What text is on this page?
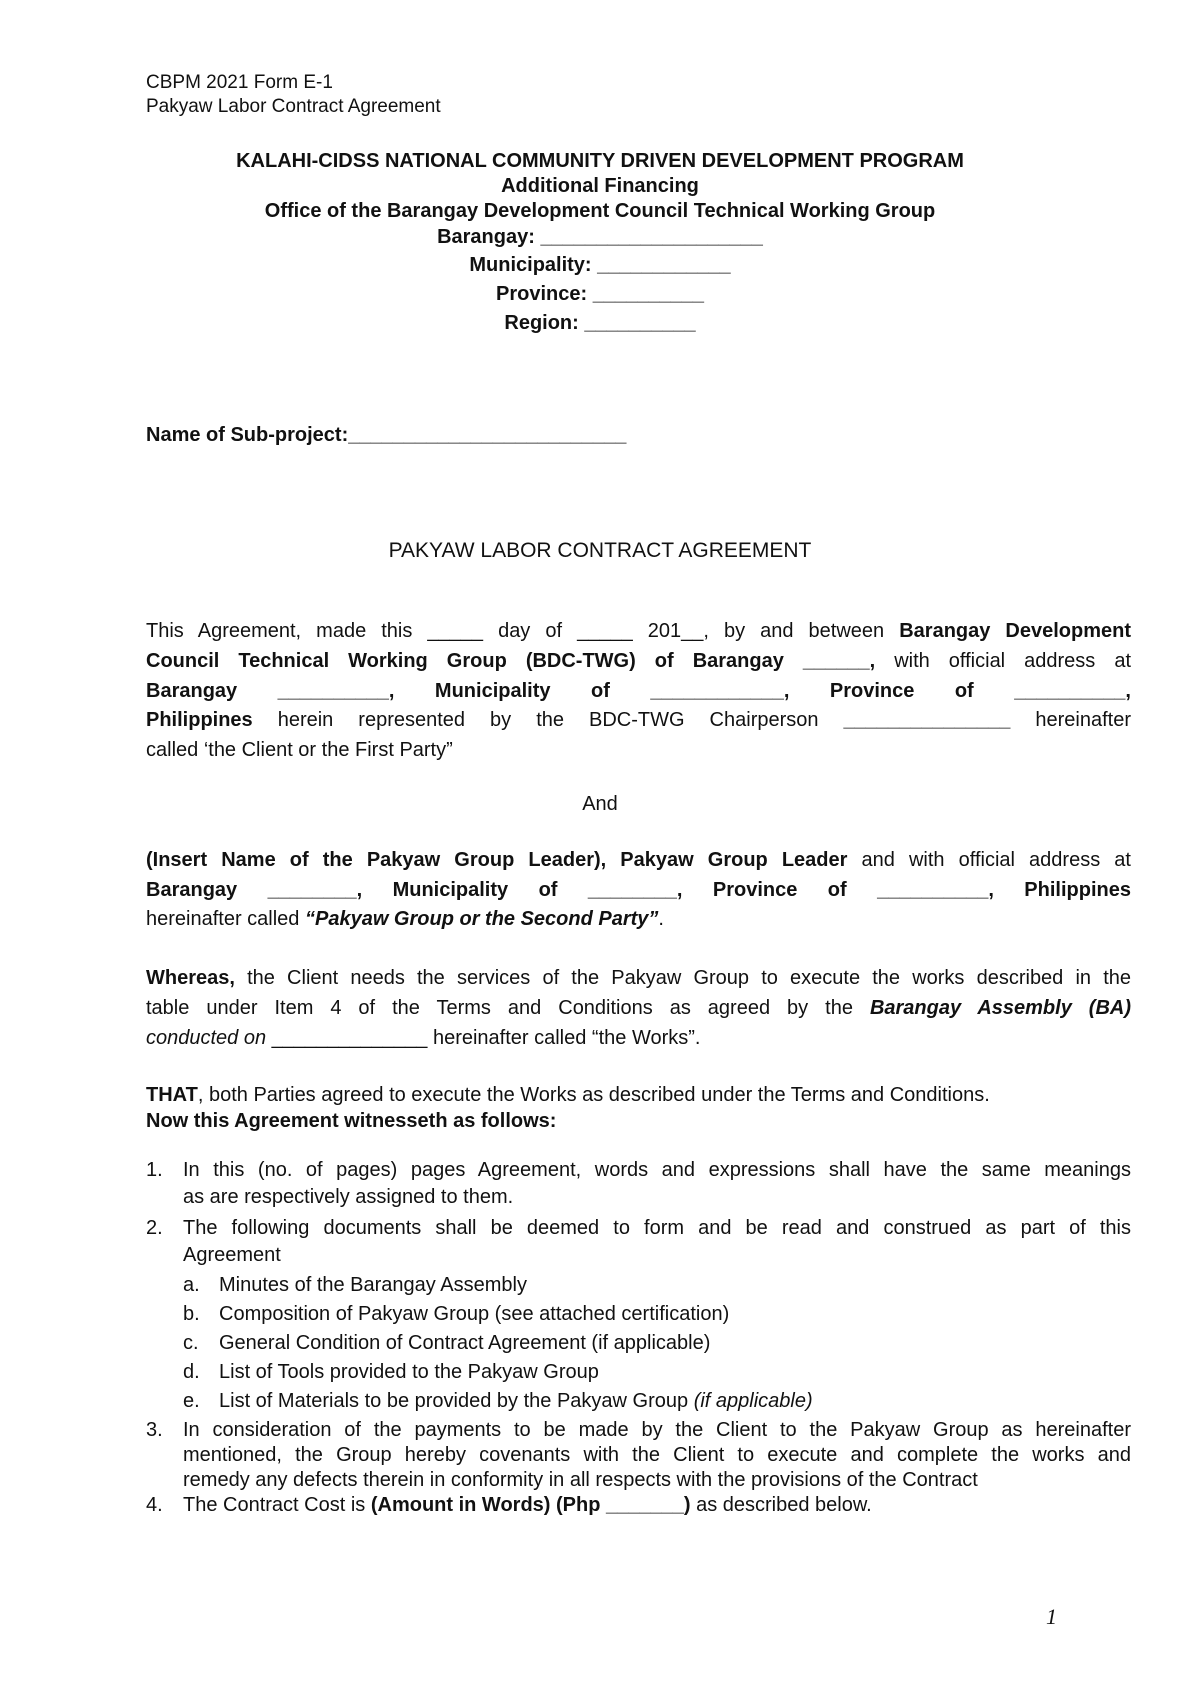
CBPM 2021 Form E-1
Pakyaw Labor Contract Agreement
KALAHI-CIDSS NATIONAL COMMUNITY DRIVEN DEVELOPMENT PROGRAM
Additional Financing
Office of the Barangay Development Council Technical Working Group
Barangay: ____________________
Municipality: ____________
Province: __________
Region: __________
Name of Sub-project:_________________________
PAKYAW LABOR CONTRACT AGREEMENT
This Agreement, made this _____ day of _____ 201__, by and between Barangay Development
Council Technical Working Group (BDC-TWG) of Barangay ______, with official address at
Barangay __________, Municipality of ____________, Province of __________,
Philippines herein represented by the BDC-TWG Chairperson _______________ hereinafter
called ‘the Client or the First Party”
And
(Insert Name of the Pakyaw Group Leader), Pakyaw Group Leader and with official address at
Barangay ________, Municipality of ________, Province of __________, Philippines
hereinafter called “Pakyaw Group or the Second Party”.
Whereas, the Client needs the services of the Pakyaw Group to execute the works described in the
table under Item 4 of the Terms and Conditions as agreed by the Barangay Assembly (BA)
conducted on ______________ hereinafter called “the Works”.
THAT, both Parties agreed to execute the Works as described under the Terms and Conditions.
Now this Agreement witnesseth as follows:
1. In this (no. of pages) pages Agreement, words and expressions shall have the same meanings
as are respectively assigned to them.
2. The following documents shall be deemed to form and be read and construed as part of this
Agreement
a. Minutes of the Barangay Assembly
b. Composition of Pakyaw Group (see attached certification)
c. General Condition of Contract Agreement (if applicable)
d. List of Tools provided to the Pakyaw Group
e. List of Materials to be provided by the Pakyaw Group (if applicable)
3. In consideration of the payments to be made by the Client to the Pakyaw Group as hereinafter
mentioned, the Group hereby covenants with the Client to execute and complete the works and
remedy any defects therein in conformity in all respects with the provisions of the Contract
4. The Contract Cost is (Amount in Words) (Php _______) as described below.
1
